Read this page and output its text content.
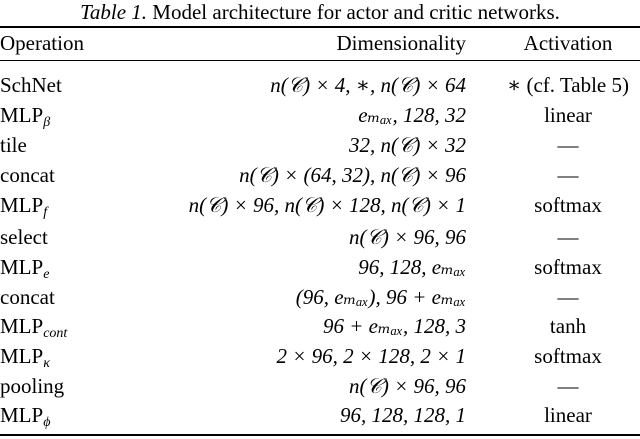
Table 1. Model architecture for actor and critic networks.
Operation	Dimensionality	Activation
SchNet	n(𝒞) × 4, ∗, n(𝒞) × 64	∗ (cf. Table 5)
$MLP_\beta$	eₘₐₓ, 128, 32	linear
tile	32, n(𝒞) × 32	—
concat	n(𝒞) × (64, 32), n(𝒞) × 96	—
$MLP_f$	n(𝒞) × 96, n(𝒞) × 128, n(𝒞) × 1	softmax
select	n(𝒞) × 96, 96	—
$MLP_e$	96, 128, eₘₐₓ	softmax
concat	(96, eₘₐₓ), 96 + eₘₐₓ	—
$MLP_{cont}$	96 + eₘₐₓ, 128, 3	tanh
$MLP_\kappa$	2 × 96, 2 × 128, 2 × 1	softmax
pooling	n(𝒞) × 96, 96	—
$MLP_\phi$	96, 128, 128, 1	linear
